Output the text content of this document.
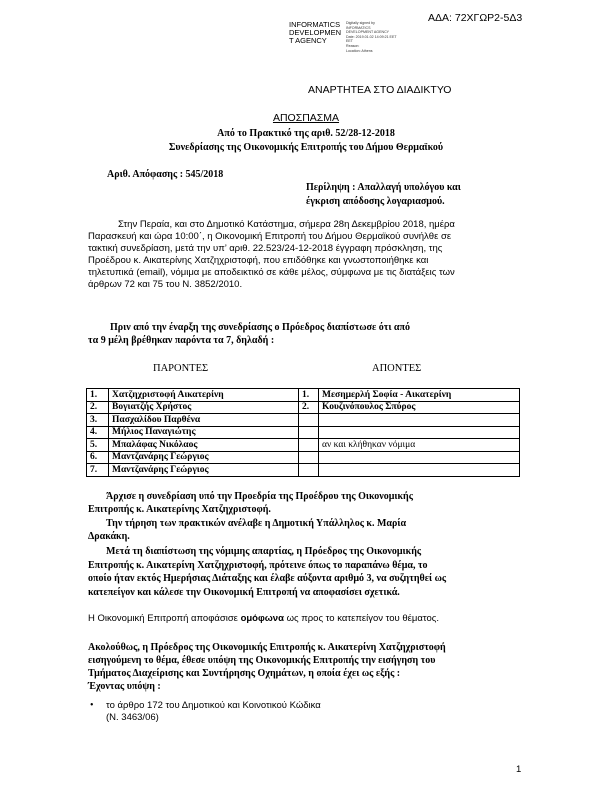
ΑΔΑ: 72ΧΓΩΡ2-5Δ3
INFORMATICS
DEVELOPMEN
T AGENCY
Digitally signed by
INFORMATICS
DEVELOPMENT AGENCY
Date: 2019.01.02 14:09:21 EET
EET
Reason:
Location: Athens
ΑΝΑΡΤΗΤΕΑ ΣΤΟ ΔΙΑΔΙΚΤΥΟ
ΑΠΟΣΠΑΣΜΑ
Από το Πρακτικό της αριθ. 52/28-12-2018
Συνεδρίασης της Οικονομικής Επιτροπής του Δήμου Θερμαϊκού
Αριθ. Απόφασης : 545/2018
Περίληψη : Απαλλαγή υπολόγου και
έγκριση απόδοσης λογαριασμού.
Στην Περαία, και στο Δημοτικό Κατάστημα, σήμερα 28η Δεκεμβρίου 2018, ημέρα
Παρασκευή και ώρα 10:00΄, η Οικονομική Επιτροπή του Δήμου Θερμαϊκού συνήλθε σε
τακτική συνεδρίαση, μετά την υπ’ αριθ. 22.523/24-12-2018 έγγραφη πρόσκληση, της
Προέδρου κ. Αικατερίνης Χατζηχριστοφή, που επιδόθηκε και γνωστοποιήθηκε και
τηλετυπικά (email), νόμιμα με αποδεικτικό σε κάθε μέλος, σύμφωνα με τις διατάξεις των
άρθρων 72 και 75 του Ν. 3852/2010.
Πριν από την έναρξη της συνεδρίασης ο Πρόεδρος διαπίστωσε ότι από
τα 9 μέλη βρέθηκαν παρόντα τα 7, δηλαδή :
ΠΑΡΟΝΤΕΣ	ΑΠΟΝΤΕΣ
1.	Χατζηχριστοφή Αικατερίνη	1.	Μεσημερλή Σοφία - Αικατερίνη
2.	Βογιατζής Χρήστος	2.	Κουζινόπουλος Σπύρος
3.	Πασχαλίδου Παρθένα		
4.	Μήλιος Παναγιώτης		
5.	Μπαλάφας Νικόλαος		αν και κλήθηκαν νόμιμα
6.	Μαντζανάρης Γεώργιος		
7.	Μαντζανάρης Γεώργιος		
Άρχισε η συνεδρίαση υπό την Προεδρία της Προέδρου της Οικονομικής
Επιτροπής κ. Αικατερίνης Χατζηχριστοφή.
Την τήρηση των πρακτικών ανέλαβε η Δημοτική Υπάλληλος κ. Μαρία
Δρακάκη.
Μετά τη διαπίστωση της νόμιμης απαρτίας, η Πρόεδρος της Οικονομικής
Επιτροπής κ. Αικατερίνη Χατζηχριστοφή, πρότεινε όπως το παραπάνω θέμα, το
οποίο ήταν εκτός Ημερήσιας Διάταξης και έλαβε αύξοντα αριθμό 3, να συζητηθεί ως
κατεπείγον και κάλεσε την Οικονομική Επιτροπή να αποφασίσει σχετικά.
Η Οικονομική Επιτροπή αποφάσισε ομόφωνα ως προς το κατεπείγον του θέματος.
Ακολούθως, η Πρόεδρος της Οικονομικής Επιτροπής κ. Αικατερίνη Χατζηχριστοφή
εισηγούμενη το θέμα, έθεσε υπόψη της Οικονομικής Επιτροπής την εισήγηση του
Τμήματος Διαχείρισης και Συντήρησης Οχημάτων, η οποία έχει ως εξής :
Έχοντας υπόψη :
• το άρθρο 172 του Δημοτικού και Κοινοτικού Κώδικα
(Ν. 3463/06)
1
